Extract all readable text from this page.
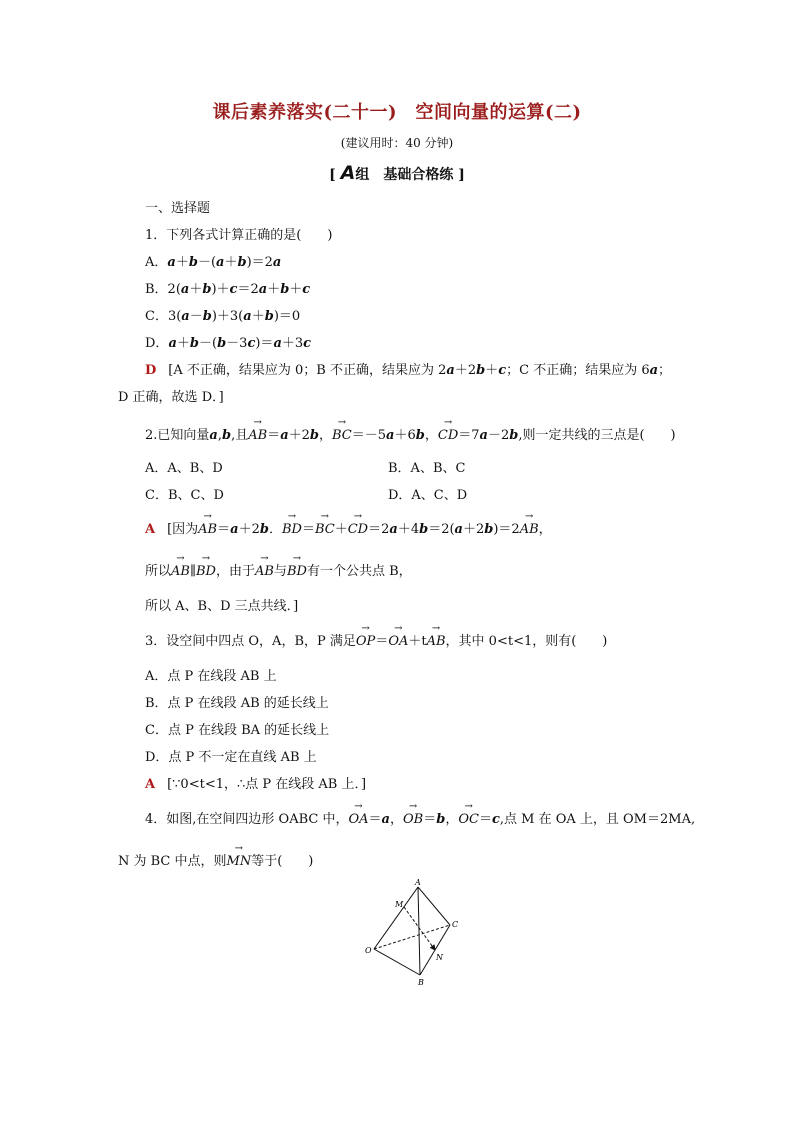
课后素养落实(二十一)　空间向量的运算(二)
(建议用时：40 分钟)
[ A组　基础合格练 ]
一、选择题
1．下列各式计算正确的是(　　)
A．a＋b－(a＋b)＝2a
B．2(a＋b)＋c＝2a＋b＋c
C．3(a－b)＋3(a＋b)＝0
D．a＋b－(b－3c)＝a＋3c
D [A 不正确，结果应为 0；B 不正确，结果应为 2a＋2b＋c；C 不正确；结果应为 6a；
D 正确，故选 D．]
2.已知向量a,b,且→ AB＝a＋2b，→ BC＝－5a＋6b，→ CD＝7a－2b,则一定共线的三点是(　　)
A．A、B、D	B．A、B、C
C．B、C、D	D．A、C、D
A [因为→ AB＝a＋2b．→ BD＝→ BC＋→ CD＝2a＋4b＝2(a＋2b)＝2→ AB，
所以→ AB∥→ BD，由于→ AB与→ BD有一个公共点 B，
所以 A、B、D 三点共线．]
3．设空间中四点 O，A，B，P 满足→ OP＝→ OA＋t→ AB，其中 0<t<1，则有(　　)
A．点 P 在线段 AB 上
B．点 P 在线段 AB 的延长线上
C．点 P 在线段 BA 的延长线上
D．点 P 不一定在直线 AB 上
A [∵0<t<1，∴点 P 在线段 AB 上．]
4．如图,在空间四边形 OABC 中，→ OA＝a，→ OB＝b，→ OC＝c,点 M 在 OA 上，且 OM＝2MA,
N 为 BC 中点，则→ MN等于(　　)
A
M
C
O
N
B
